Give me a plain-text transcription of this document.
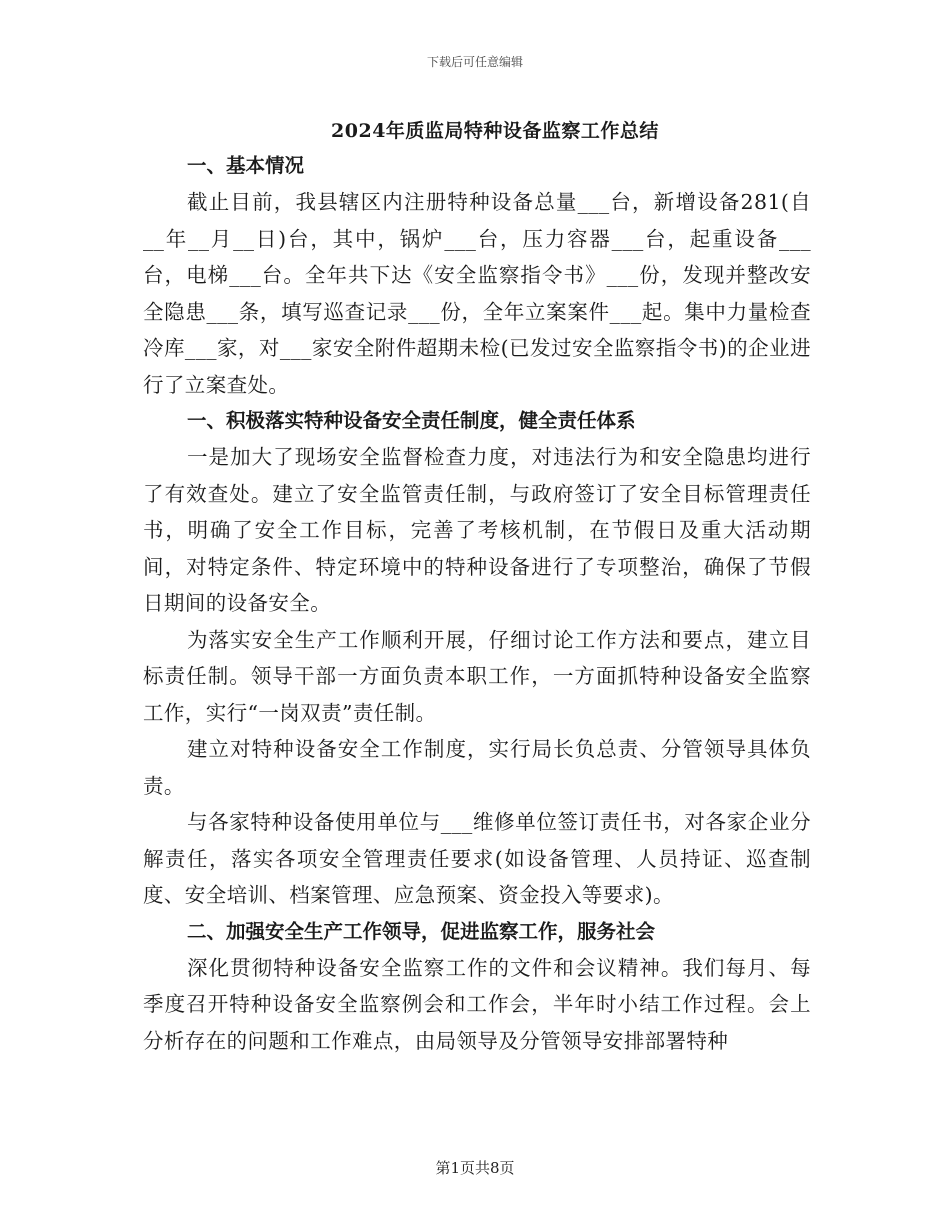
下载后可任意编辑
2024年质监局特种设备监察工作总结
一、基本情况

截止目前，我县辖区内注册特种设备总量___台，新增设备281(自__年__月__日)台，其中，锅炉___台，压力容器___台，起重设备___台，电梯___台。全年共下达《安全监察指令书》___份，发现并整改安全隐患___条，填写巡查记录___份，全年立案案件___起。集中力量检查冷库___家，对___家安全附件超期未检(已发过安全监察指令书)的企业进行了立案查处。

一、积极落实特种设备安全责任制度，健全责任体系

一是加大了现场安全监督检查力度，对违法行为和安全隐患均进行了有效查处。建立了安全监管责任制，与政府签订了安全目标管理责任书，明确了安全工作目标，完善了考核机制，在节假日及重大活动期间，对特定条件、特定环境中的特种设备进行了专项整治，确保了节假日期间的设备安全。

为落实安全生产工作顺利开展，仔细讨论工作方法和要点，建立目标责任制。领导干部一方面负责本职工作，一方面抓特种设备安全监察工作，实行“一岗双责”责任制。

建立对特种设备安全工作制度，实行局长负总责、分管领导具体负责。

与各家特种设备使用单位与___维修单位签订责任书，对各家企业分解责任，落实各项安全管理责任要求(如设备管理、人员持证、巡查制度、安全培训、档案管理、应急预案、资金投入等要求)。

二、加强安全生产工作领导，促进监察工作，服务社会

深化贯彻特种设备安全监察工作的文件和会议精神。我们每月、每季度召开特种设备安全监察例会和工作会，半年时小结工作过程。会上分析存在的问题和工作难点，由局领导及分管领导安排部署特种

第1页共8页
